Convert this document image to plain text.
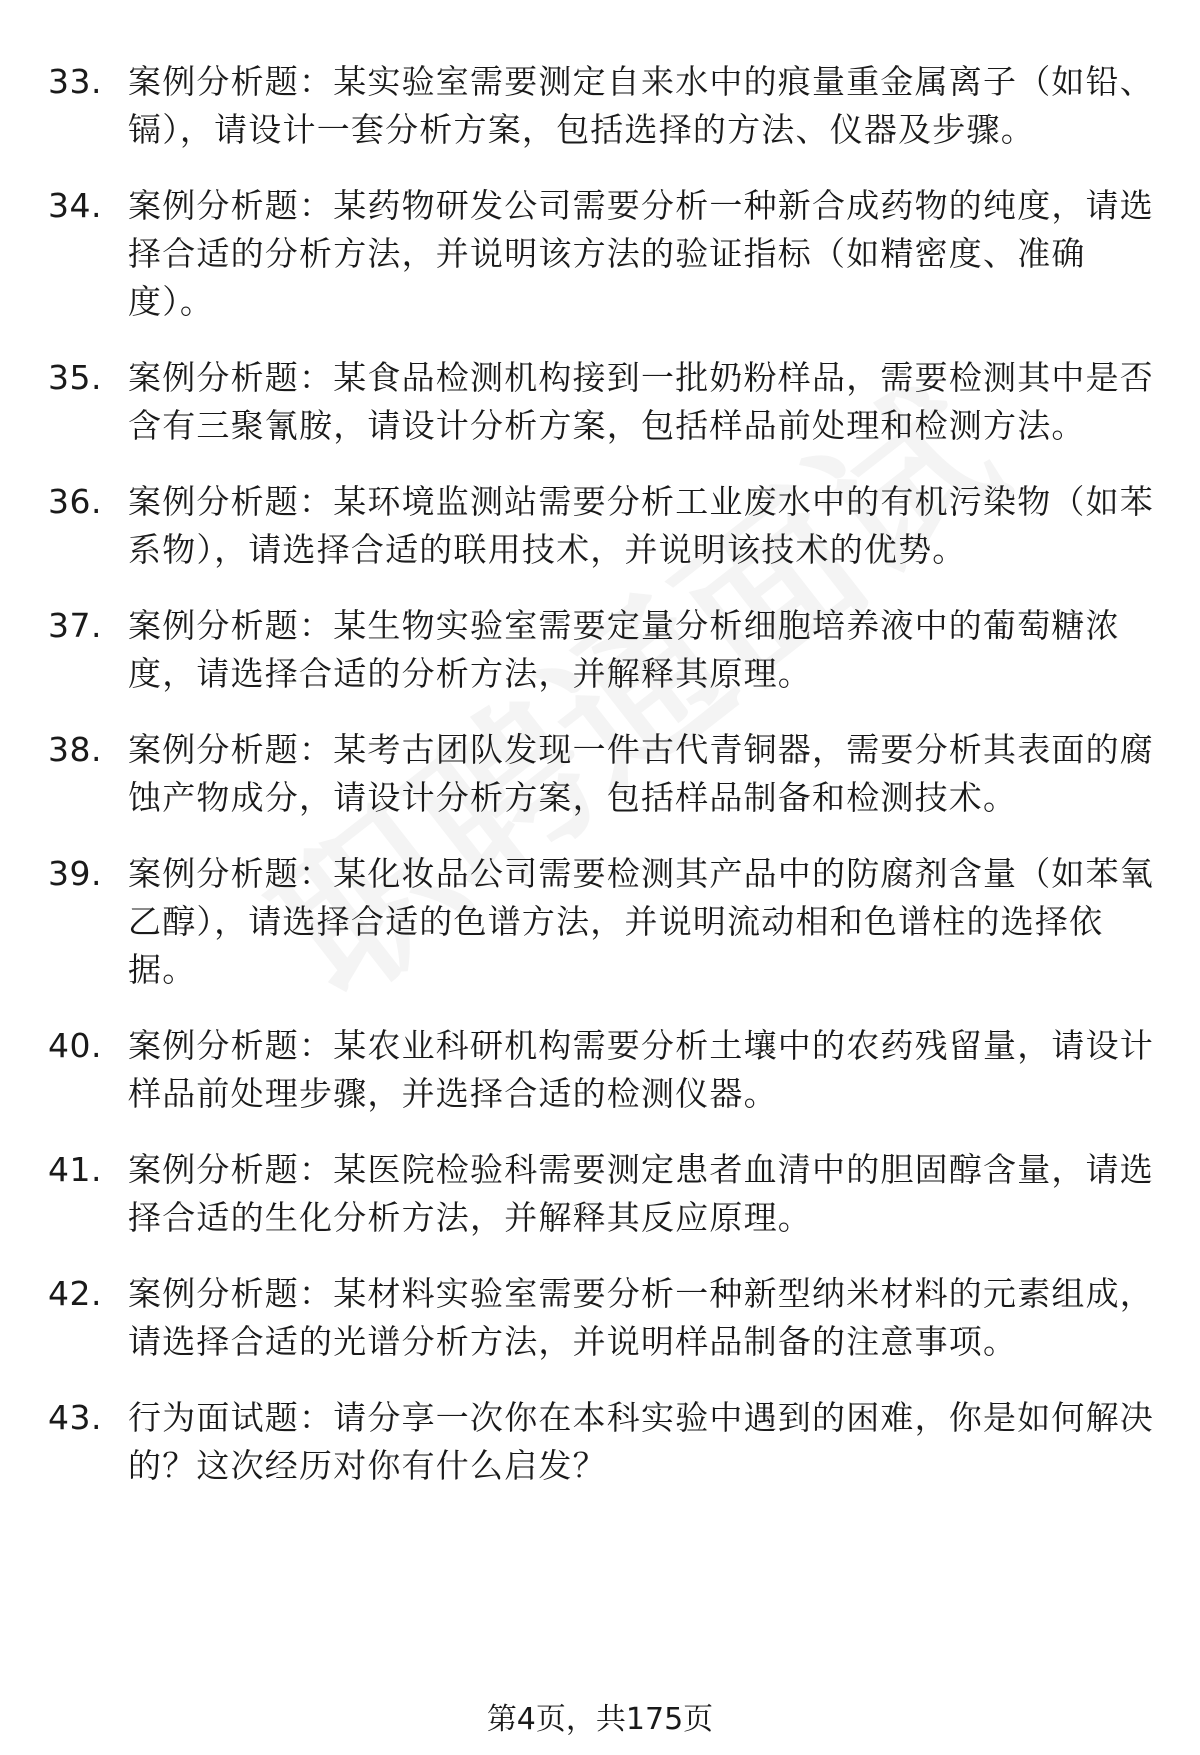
33. 案例分析题：某实验室需要测定自来水中的痕量重金属离子（如铅、镉），请设计一套分析方案，包括选择的方法、仪器及步骤。
34. 案例分析题：某药物研发公司需要分析一种新合成药物的纯度，请选择合适的分析方法，并说明该方法的验证指标（如精密度、准确度）。
35. 案例分析题：某食品检测机构接到一批奶粉样品，需要检测其中是否含有三聚氰胺，请设计分析方案，包括样品前处理和检测方法。
36. 案例分析题：某环境监测站需要分析工业废水中的有机污染物（如苯系物），请选择合适的联用技术，并说明该技术的优势。
37. 案例分析题：某生物实验室需要定量分析细胞培养液中的葡萄糖浓度，请选择合适的分析方法，并解释其原理。
38. 案例分析题：某考古团队发现一件古代青铜器，需要分析其表面的腐蚀产物成分，请设计分析方案，包括样品制备和检测技术。
39. 案例分析题：某化妆品公司需要检测其产品中的防腐剂含量（如苯氧乙醇），请选择合适的色谱方法，并说明流动相和色谱柱的选择依据。
40. 案例分析题：某农业科研机构需要分析土壤中的农药残留量，请设计样品前处理步骤，并选择合适的检测仪器。
41. 案例分析题：某医院检验科需要测定患者血清中的胆固醇含量，请选择合适的生化分析方法，并解释其反应原理。
42. 案例分析题：某材料实验室需要分析一种新型纳米材料的元素组成，请选择合适的光谱分析方法，并说明样品制备的注意事项。
43. 行为面试题：请分享一次你在本科实验中遇到的困难，你是如何解决的？这次经历对你有什么启发？
第4页，共175页
